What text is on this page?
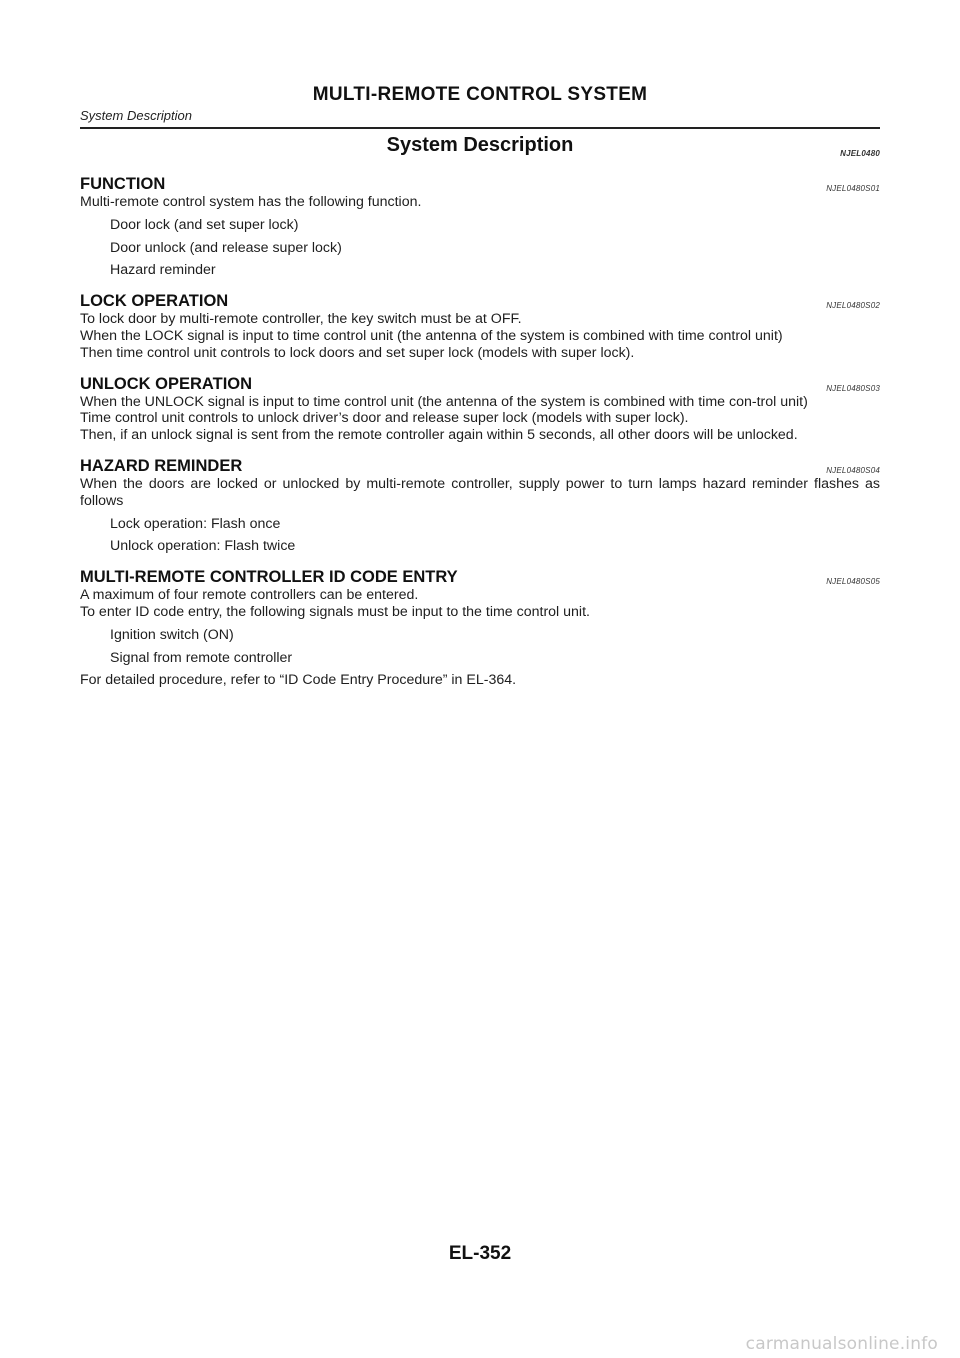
MULTI-REMOTE CONTROL SYSTEM
System Description
System Description	NJEL0480
FUNCTION	NJEL0480S01
Multi-remote control system has the following function.
Door lock (and set super lock)
Door unlock (and release super lock)
Hazard reminder
LOCK OPERATION	NJEL0480S02
To lock door by multi-remote controller, the key switch must be at OFF.
When the LOCK signal is input to time control unit (the antenna of the system is combined with time control unit)
Then time control unit controls to lock doors and set super lock (models with super lock).
UNLOCK OPERATION	NJEL0480S03
When the UNLOCK signal is input to time control unit (the antenna of the system is combined with time con-trol unit)
Time control unit controls to unlock driver’s door and release super lock (models with super lock).
Then, if an unlock signal is sent from the remote controller again within 5 seconds, all other doors will be unlocked.
HAZARD REMINDER	NJEL0480S04
When the doors are locked or unlocked by multi-remote controller, supply power to turn lamps hazard reminder flashes as follows
Lock operation: Flash once
Unlock operation: Flash twice
MULTI-REMOTE CONTROLLER ID CODE ENTRY	NJEL0480S05
A maximum of four remote controllers can be entered.
To enter ID code entry, the following signals must be input to the time control unit.
Ignition switch (ON)
Signal from remote controller
For detailed procedure, refer to “ID Code Entry Procedure” in EL-364.
EL-352
carmanualsonline.info
